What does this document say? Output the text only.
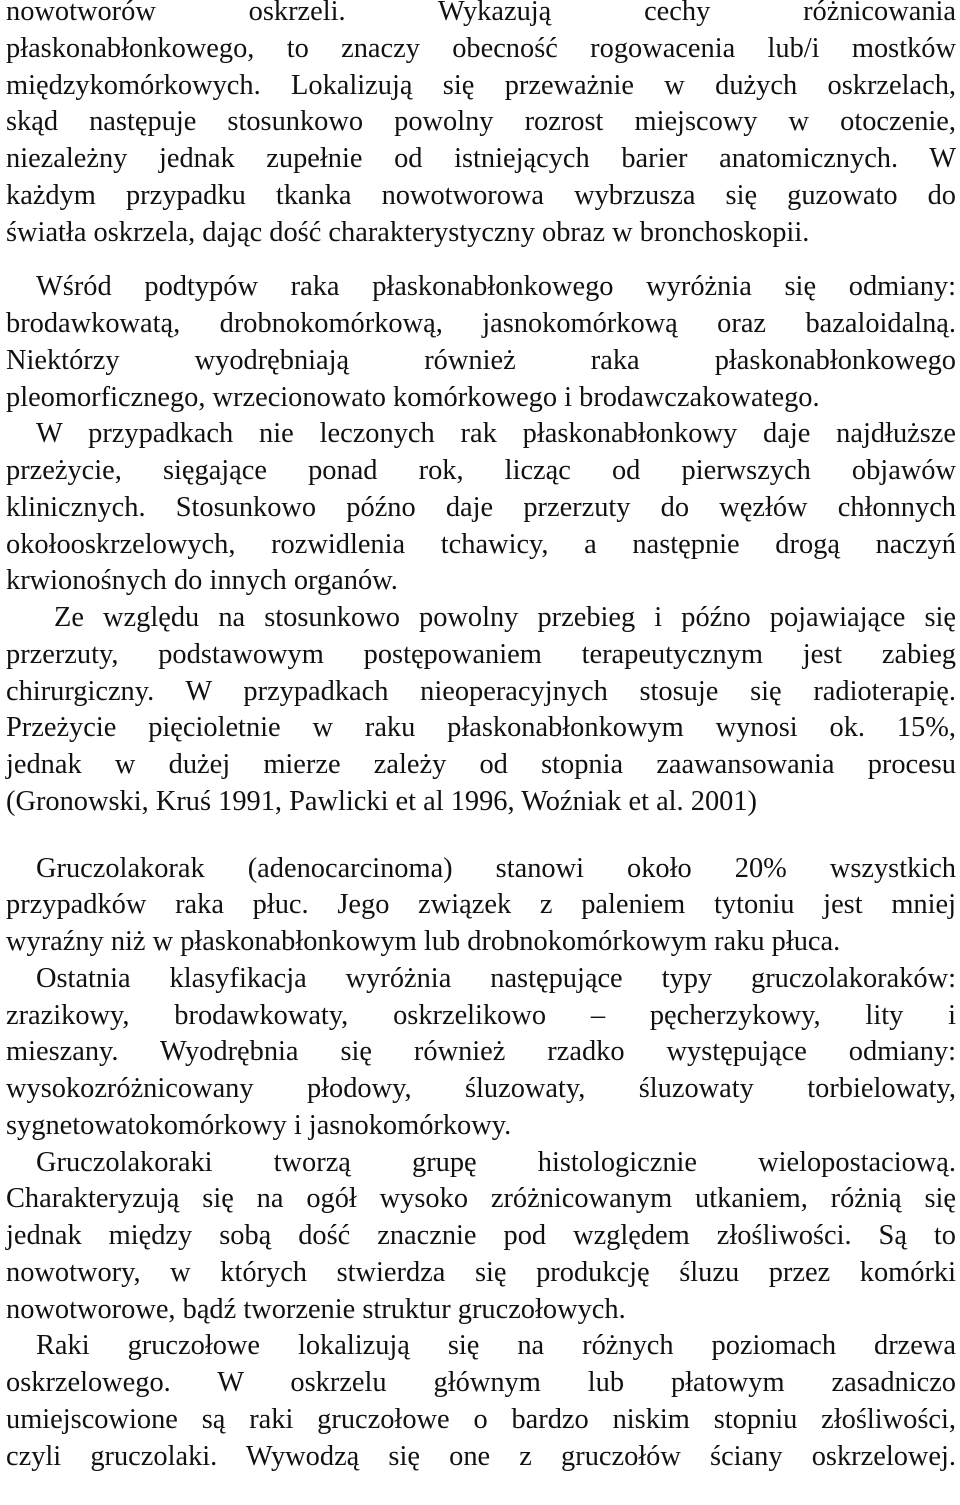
nowotworów oskrzeli. Wykazują cechy różnicowania
płaskonabłonkowego, to znaczy obecność rogowacenia lub/i mostków
międzykomórkowych. Lokalizują się przeważnie w dużych oskrzelach,
skąd następuje stosunkowo powolny rozrost miejscowy w otoczenie,
niezależny jednak zupełnie od istniejących barier anatomicznych. W
każdym przypadku tkanka nowotworowa wybrzusza się guzowato do
światła oskrzela, dając dość charakterystyczny obraz w bronchoskopii.
Wśród podtypów raka płaskonabłonkowego wyróżnia się odmiany:
brodawkowatą, drobnokomórkową, jasnokomórkową oraz bazaloidalną.
Niektórzy wyodrębniają również raka płaskonabłonkowego
pleomorficznego, wrzecionowato komórkowego i brodawczakowatego.
W przypadkach nie leczonych rak płaskonabłonkowy daje najdłuższe
przeżycie, sięgające ponad rok, licząc od pierwszych objawów
klinicznych. Stosunkowo późno daje przerzuty do węzłów chłonnych
okołooskrzelowych, rozwidlenia tchawicy, a następnie drogą naczyń
krwionośnych do innych organów.
Ze względu na stosunkowo powolny przebieg i późno pojawiające się
przerzuty, podstawowym postępowaniem terapeutycznym jest zabieg
chirurgiczny. W przypadkach nieoperacyjnych stosuje się radioterapię.
Przeżycie pięcioletnie w raku płaskonabłonkowym wynosi ok. 15%,
jednak w dużej mierze zależy od stopnia zaawansowania procesu
(Gronowski, Kruś 1991, Pawlicki et al 1996, Woźniak et al. 2001)
Gruczolakorak (adenocarcinoma) stanowi około 20% wszystkich
przypadków raka płuc. Jego związek z paleniem tytoniu jest mniej
wyraźny niż w płaskonabłonkowym lub drobnokomórkowym raku płuca.
Ostatnia klasyfikacja wyróżnia następujące typy gruczolakoraków:
zrazikowy, brodawkowaty, oskrzelikowo – pęcherzykowy, lity i
mieszany. Wyodrębnia się również rzadko występujące odmiany:
wysokozróżnicowany płodowy, śluzowaty, śluzowaty torbielowaty,
sygnetowatokomórkowy i jasnokomórkowy.
Gruczolakoraki tworzą grupę histologicznie wielopostaciową.
Charakteryzują się na ogół wysoko zróżnicowanym utkaniem, różnią się
jednak między sobą dość znacznie pod względem złośliwości. Są to
nowotwory, w których stwierdza się produkcję śluzu przez komórki
nowotworowe, bądź tworzenie struktur gruczołowych.
Raki gruczołowe lokalizują się na różnych poziomach drzewa
oskrzelowego. W oskrzelu głównym lub płatowym zasadniczo
umiejscowione są raki gruczołowe o bardzo niskim stopniu złośliwości,
czyli gruczolaki. Wywodzą się one z gruczołów ściany oskrzelowej.
